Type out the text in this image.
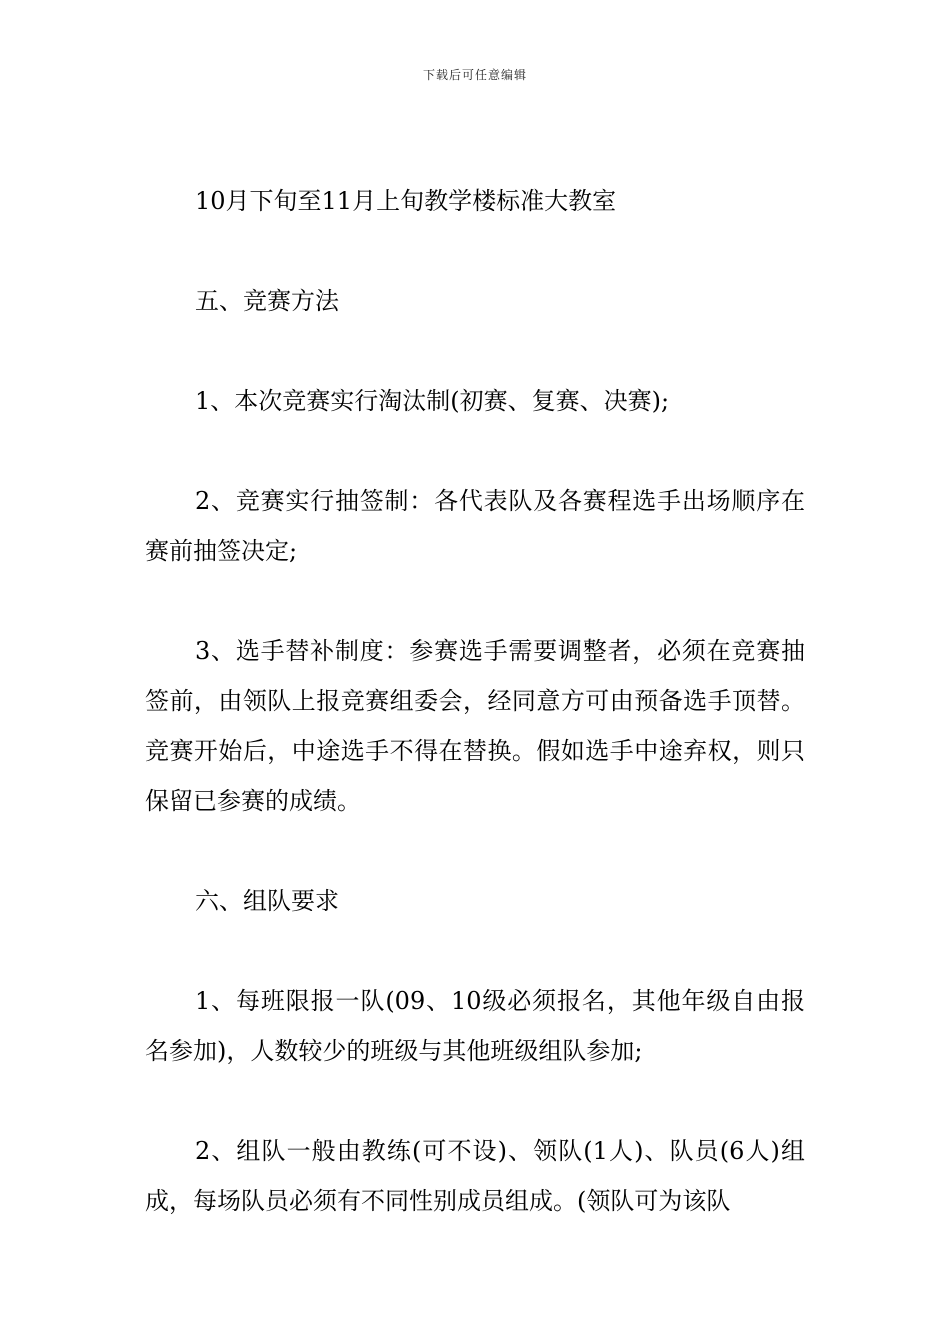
下载后可任意编辑

10月下旬至11月上旬教学楼标准大教室

五、竞赛方法

1、本次竞赛实行淘汰制(初赛、复赛、决赛);

2、竞赛实行抽签制：各代表队及各赛程选手出场顺序在赛前抽签决定;

3、选手替补制度：参赛选手需要调整者，必须在竞赛抽签前，由领队上报竞赛组委会，经同意方可由预备选手顶替。竞赛开始后，中途选手不得在替换。假如选手中途弃权，则只保留已参赛的成绩。

六、组队要求

1、每班限报一队(09、10级必须报名，其他年级自由报名参加)，人数较少的班级与其他班级组队参加;

2、组队一般由教练(可不设)、领队(1人)、队员(6人)组成，每场队员必须有不同性别成员组成。(领队可为该队
